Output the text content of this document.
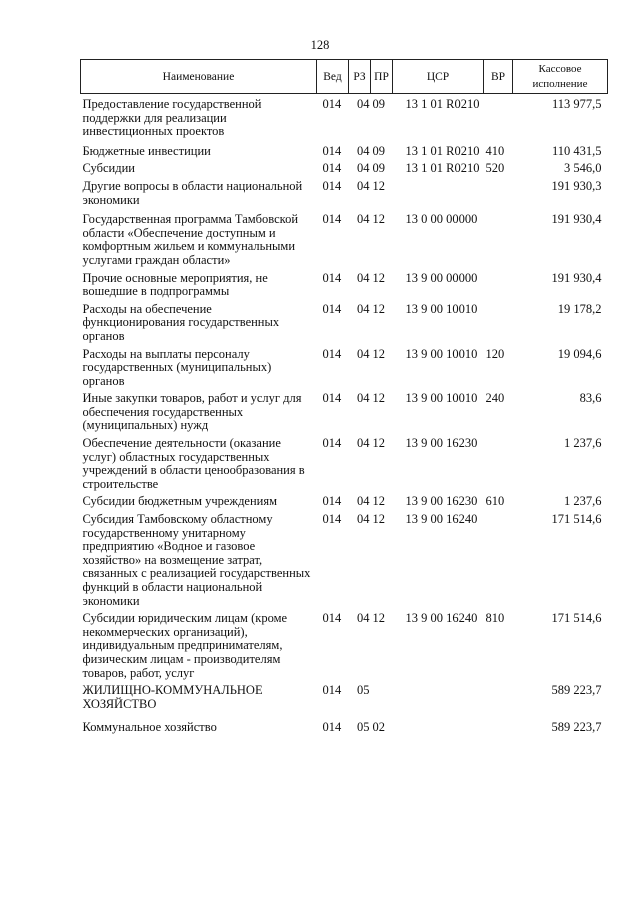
128
Наименование	Вед	РЗ	ПР	ЦСР	ВР	Кассовое исполнение
Предоставление государственной поддержки для реализации инвестиционных проектов	014	04	09	13 1 01 R0210		113 977,5
Бюджетные инвестиции	014	04	09	13 1 01 R0210	410	110 431,5
Субсидии	014	04	09	13 1 01 R0210	520	3 546,0
Другие вопросы в области национальной экономики	014	04	12			191 930,3
Государственная программа Тамбовской области «Обеспечение доступным и комфортным жильем и коммунальными услугами граждан области»	014	04	12	13 0 00 00000		191 930,4
Прочие основные мероприятия, не вошедшие в подпрограммы	014	04	12	13 9 00 00000		191 930,4
Расходы на обеспечение функционирования государственных органов	014	04	12	13 9 00 10010		19 178,2
Расходы на выплаты персоналу государственных (муниципальных) органов	014	04	12	13 9 00 10010	120	19 094,6
Иные закупки товаров, работ и услуг для обеспечения государственных (муниципальных) нужд	014	04	12	13 9 00 10010	240	83,6
Обеспечение деятельности (оказание услуг) областных государственных учреждений в области ценообразования в строительстве	014	04	12	13 9 00 16230		1 237,6
Субсидии бюджетным учреждениям	014	04	12	13 9 00 16230	610	1 237,6
Субсидия Тамбовскому областному государственному унитарному предприятию «Водное и газовое хозяйство» на возмещение затрат, связанных с реализацией государственных функций в области национальной экономики	014	04	12	13 9 00 16240		171 514,6
Субсидии юридическим лицам (кроме некоммерческих организаций), индивидуальным предпринимателям, физическим лицам - производителям товаров, работ, услуг	014	04	12	13 9 00 16240	810	171 514,6
ЖИЛИЩНО-КОММУНАЛЬНОЕ ХОЗЯЙСТВО	014	05				589 223,7
Коммунальное хозяйство	014	05	02			589 223,7
